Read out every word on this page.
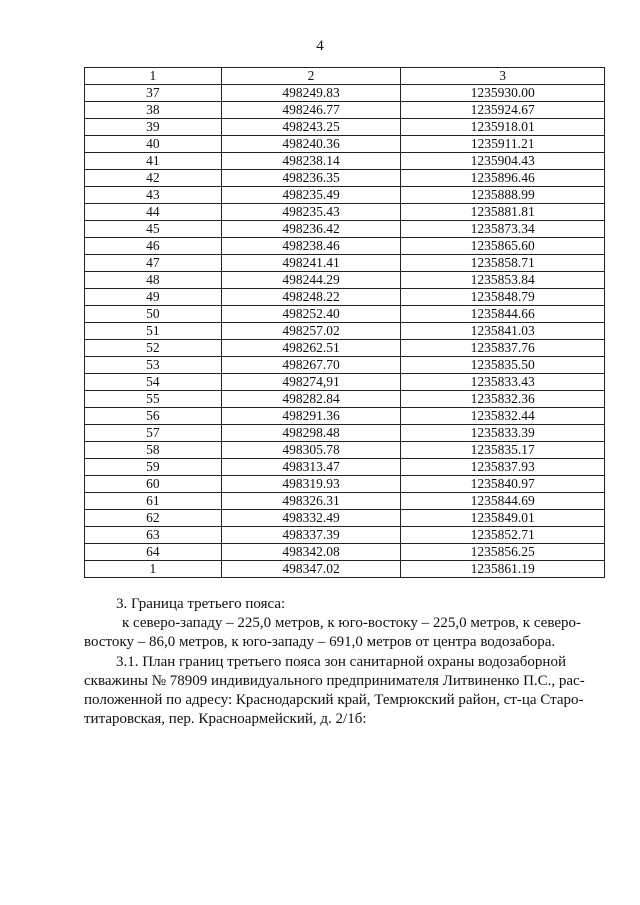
4
1	2	3
37	498249.83	1235930.00
38	498246.77	1235924.67
39	498243.25	1235918.01
40	498240.36	1235911.21
41	498238.14	1235904.43
42	498236.35	1235896.46
43	498235.49	1235888.99
44	498235.43	1235881.81
45	498236.42	1235873.34
46	498238.46	1235865.60
47	498241.41	1235858.71
48	498244.29	1235853.84
49	498248.22	1235848.79
50	498252.40	1235844.66
51	498257.02	1235841.03
52	498262.51	1235837.76
53	498267.70	1235835.50
54	498274,91	1235833.43
55	498282.84	1235832.36
56	498291.36	1235832.44
57	498298.48	1235833.39
58	498305.78	1235835.17
59	498313.47	1235837.93
60	498319.93	1235840.97
61	498326.31	1235844.69
62	498332.49	1235849.01
63	498337.39	1235852.71
64	498342.08	1235856.25
1	498347.02	1235861.19

3. Граница третьего пояса:

к северо-западу – 225,0 метров, к юго-востоку – 225,0 метров, к северо-

востоку – 86,0 метров, к юго-западу – 691,0 метров от центра водозабора.

3.1. План границ третьего пояса зон санитарной охраны водозаборной

скважины № 78909 индивидуального предпринимателя Литвиненко П.С., рас-

положенной по адресу: Краснодарский край, Темрюкский район, ст-ца Старо-

титаровская, пер. Красноармейский, д. 2/1б:
